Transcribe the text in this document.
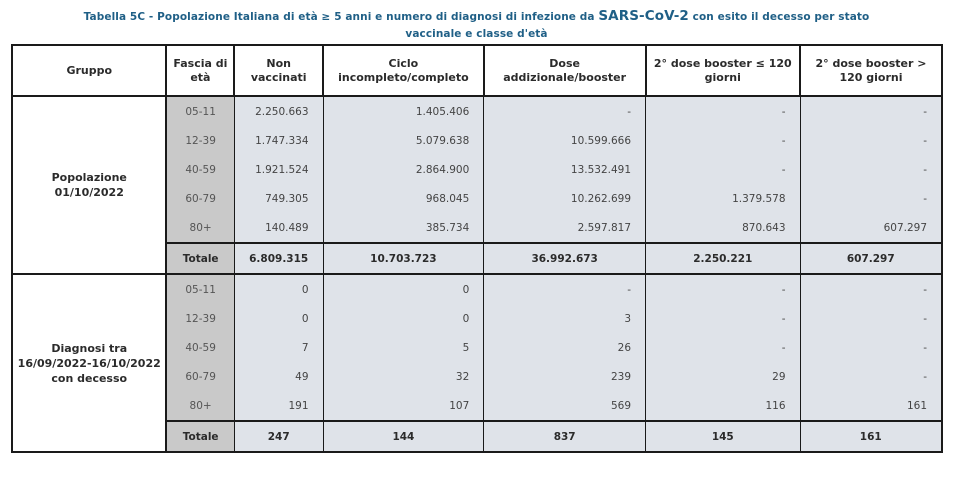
Tabella 5C - Popolazione Italiana di età ≥ 5 anni e numero di diagnosi di infezione da SARS-CoV-2 con esito il decesso per stato
vaccinale e classe d'età
Gruppo	Fascia di età	Non vaccinati	Ciclo incompleto/completo	Dose addizionale/booster	2° dose booster ≤ 120 giorni	2° dose booster > 120 giorni
Popolazione 01/10/2022	05-11	2.250.663	1.405.406	-	-	-
	12-39	1.747.334	5.079.638	10.599.666	-	-
	40-59	1.921.524	2.864.900	13.532.491	-	-
	60-79	749.305	968.045	10.262.699	1.379.578	-
	80+	140.489	385.734	2.597.817	870.643	607.297
	Totale	6.809.315	10.703.723	36.992.673	2.250.221	607.297
Diagnosi tra 16/09/2022-16/10/2022 con decesso	05-11	0	0	-	-	-
	12-39	0	0	3	-	-
	40-59	7	5	26	-	-
	60-79	49	32	239	29	-
	80+	191	107	569	116	161
	Totale	247	144	837	145	161
